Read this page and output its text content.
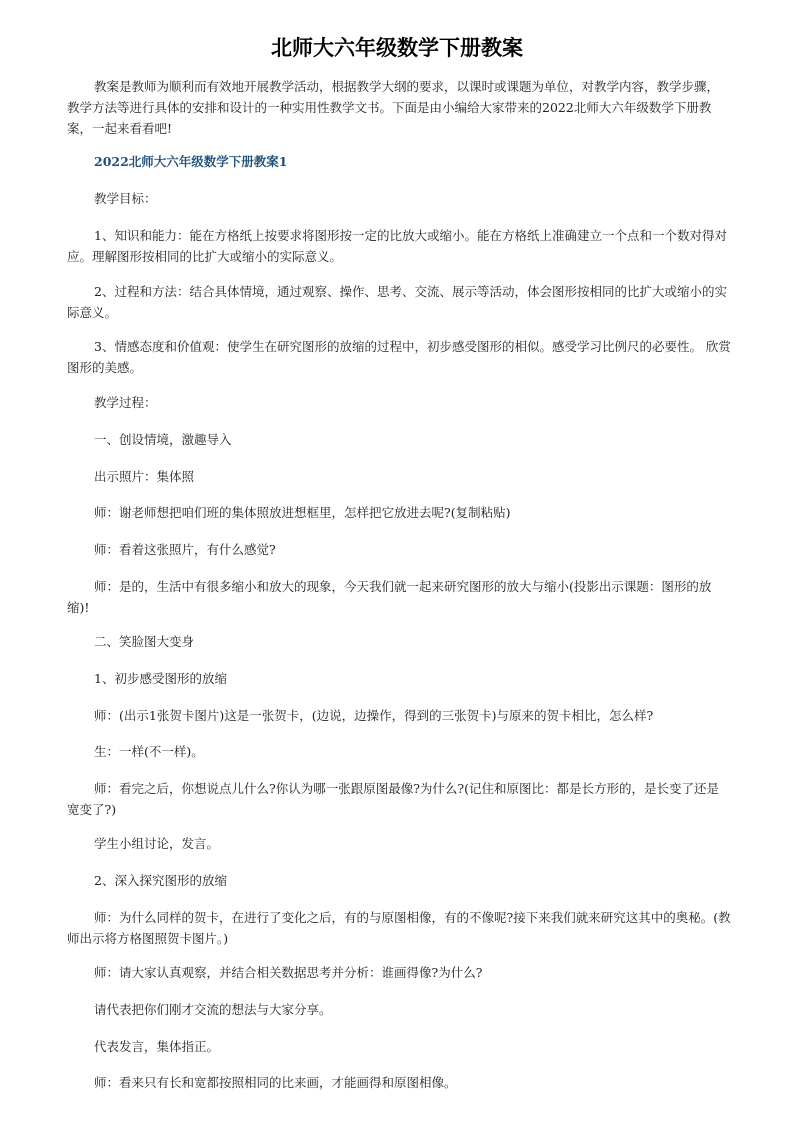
北师大六年级数学下册教案

教案是教师为顺利而有效地开展教学活动，根据教学大纲的要求，以课时或课题为单位，对教学内容，教学步骤，教学方法等进行具体的安排和设计的一种实用性教学文书。下面是由小编给大家带来的2022北师大六年级数学下册教案，一起来看看吧!

2022北师大六年级数学下册教案1

教学目标：

1、知识和能力：能在方格纸上按要求将图形按一定的比放大或缩小。能在方格纸上准确建立一个点和一个数对得对应。理解图形按相同的比扩大或缩小的实际意义。

2、过程和方法：结合具体情境，通过观察、操作、思考、交流、展示等活动，体会图形按相同的比扩大或缩小的实际意义。

3、情感态度和价值观：使学生在研究图形的放缩的过程中，初步感受图形的相似。感受学习比例尺的必要性。 欣赏图形的美感。

教学过程：

一、创设情境，激趣导入

出示照片：集体照

师：谢老师想把咱们班的集体照放进想框里，怎样把它放进去呢?(复制粘贴)

师：看着这张照片，有什么感觉?

师：是的，生活中有很多缩小和放大的现象，今天我们就一起来研究图形的放大与缩小(投影出示课题：图形的放缩)!

二、笑脸图大变身

1、初步感受图形的放缩

师：(出示1张贺卡图片)这是一张贺卡，(边说，边操作，得到的三张贺卡)与原来的贺卡相比，怎么样?

生：一样(不一样)。

师：看完之后，你想说点儿什么?你认为哪一张跟原图最像?为什么?(记住和原图比：都是长方形的，是长变了还是宽变了?)

学生小组讨论，发言。

2、深入探究图形的放缩

师：为什么同样的贺卡，在进行了变化之后，有的与原图相像，有的不像呢?接下来我们就来研究这其中的奥秘。(教师出示将方格图照贺卡图片。)

师：请大家认真观察，并结合相关数据思考并分析：谁画得像?为什么?

请代表把你们刚才交流的想法与大家分享。

代表发言，集体指正。

师：看来只有长和宽都按照相同的比来画，才能画得和原图相像。
